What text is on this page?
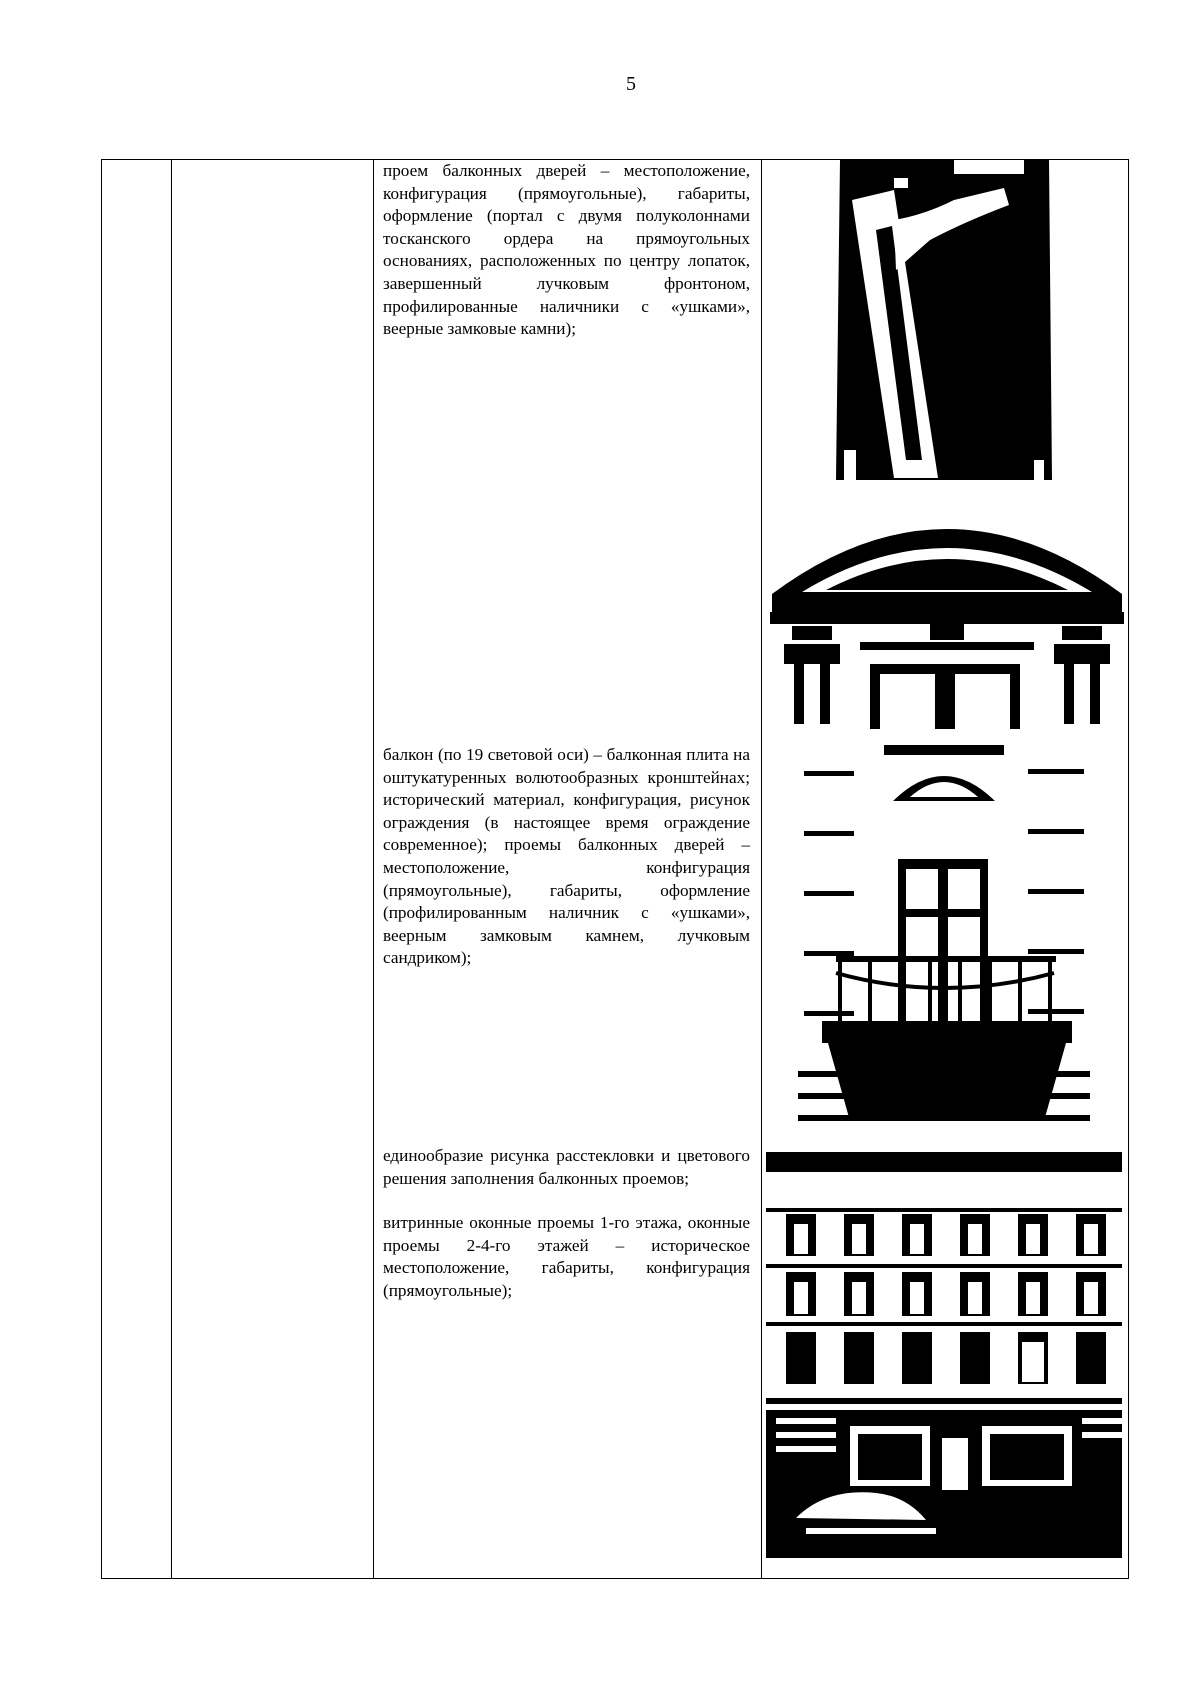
5

проем балконных дверей – местоположение, конфигурация (прямоугольные), габариты, оформление (портал с двумя полуколоннами тосканского ордера на прямоугольных основаниях, расположенных по центру лопаток, завершенный лучковым фронтоном, профилированные наличники с «ушками», веерные замковые камни);

балкон (по 19 световой оси) – балконная плита на оштукатуренных волютообразных кронштейнах; исторический материал, конфигурация, рисунок ограждения (в настоящее время ограждение современное); проемы балконных дверей – местоположение, конфигурация (прямоугольные), габариты, оформление (профилированным наличник с «ушками», веерным замковым камнем, лучковым сандриком);

единообразие рисунка расстекловки и цветового решения заполнения балконных проемов;

витринные оконные проемы 1-го этажа, оконные проемы 2-4-го этажей – историческое местоположение, габариты, конфигурация (прямоугольные);
